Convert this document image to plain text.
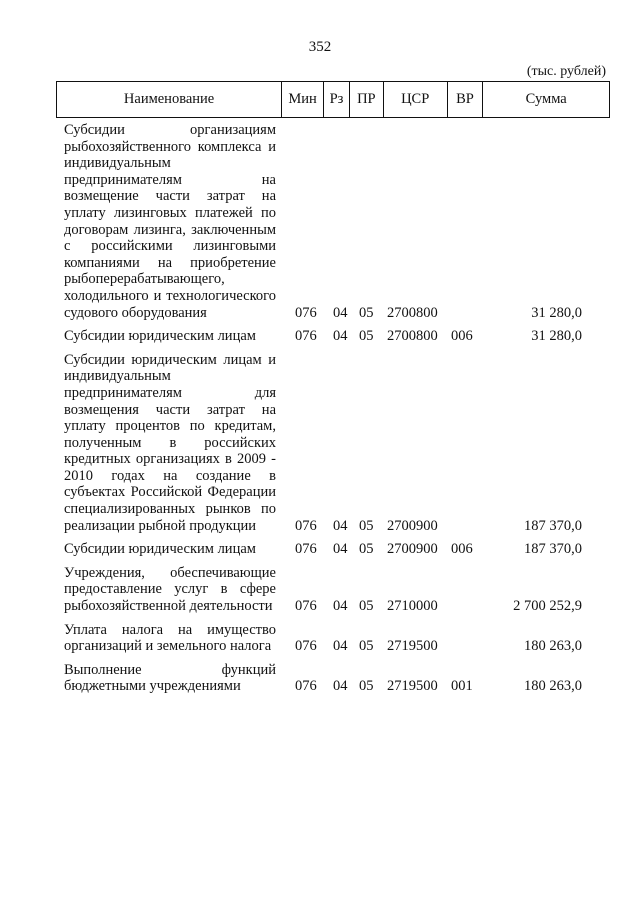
352
(тыс. рублей)
Наименование	Мин Рз ПР	ЦСР	ВР	Сумма
Субсидии организациям рыбохозяйственного комплекса и индивидуальным предпринимателям на возмещение части затрат на уплату лизинговых платежей по договорам лизинга, заключенным с российскими лизинговыми компаниями на приобретение рыбоперерабатывающего, холодильного и технологического судового оборудования	076	04 05 2700800	31 280,0
Субсидии юридическим лицам	076	04 05 2700800 006	31 280,0
Субсидии юридическим лицам и индивидуальным предпринимателям для возмещения части затрат на уплату процентов по кредитам, полученным в российских кредитных организациях в 2009 - 2010 годах на создание в субъектах Российской Федерации специализированных рынков по реализации рыбной продукции	076	04 05 2700900	187 370,0
Субсидии юридическим лицам	076	04 05 2700900 006	187 370,0
Учреждения, обеспечивающие предоставление услуг в сфере рыбохозяйственной деятельности	076	04 05 2710000	2 700 252,9
Уплата налога на имущество организаций и земельного налога	076	04 05 2719500	180 263,0
Выполнение функций бюджетными учреждениями	076	04 05 2719500 001	180 263,0
